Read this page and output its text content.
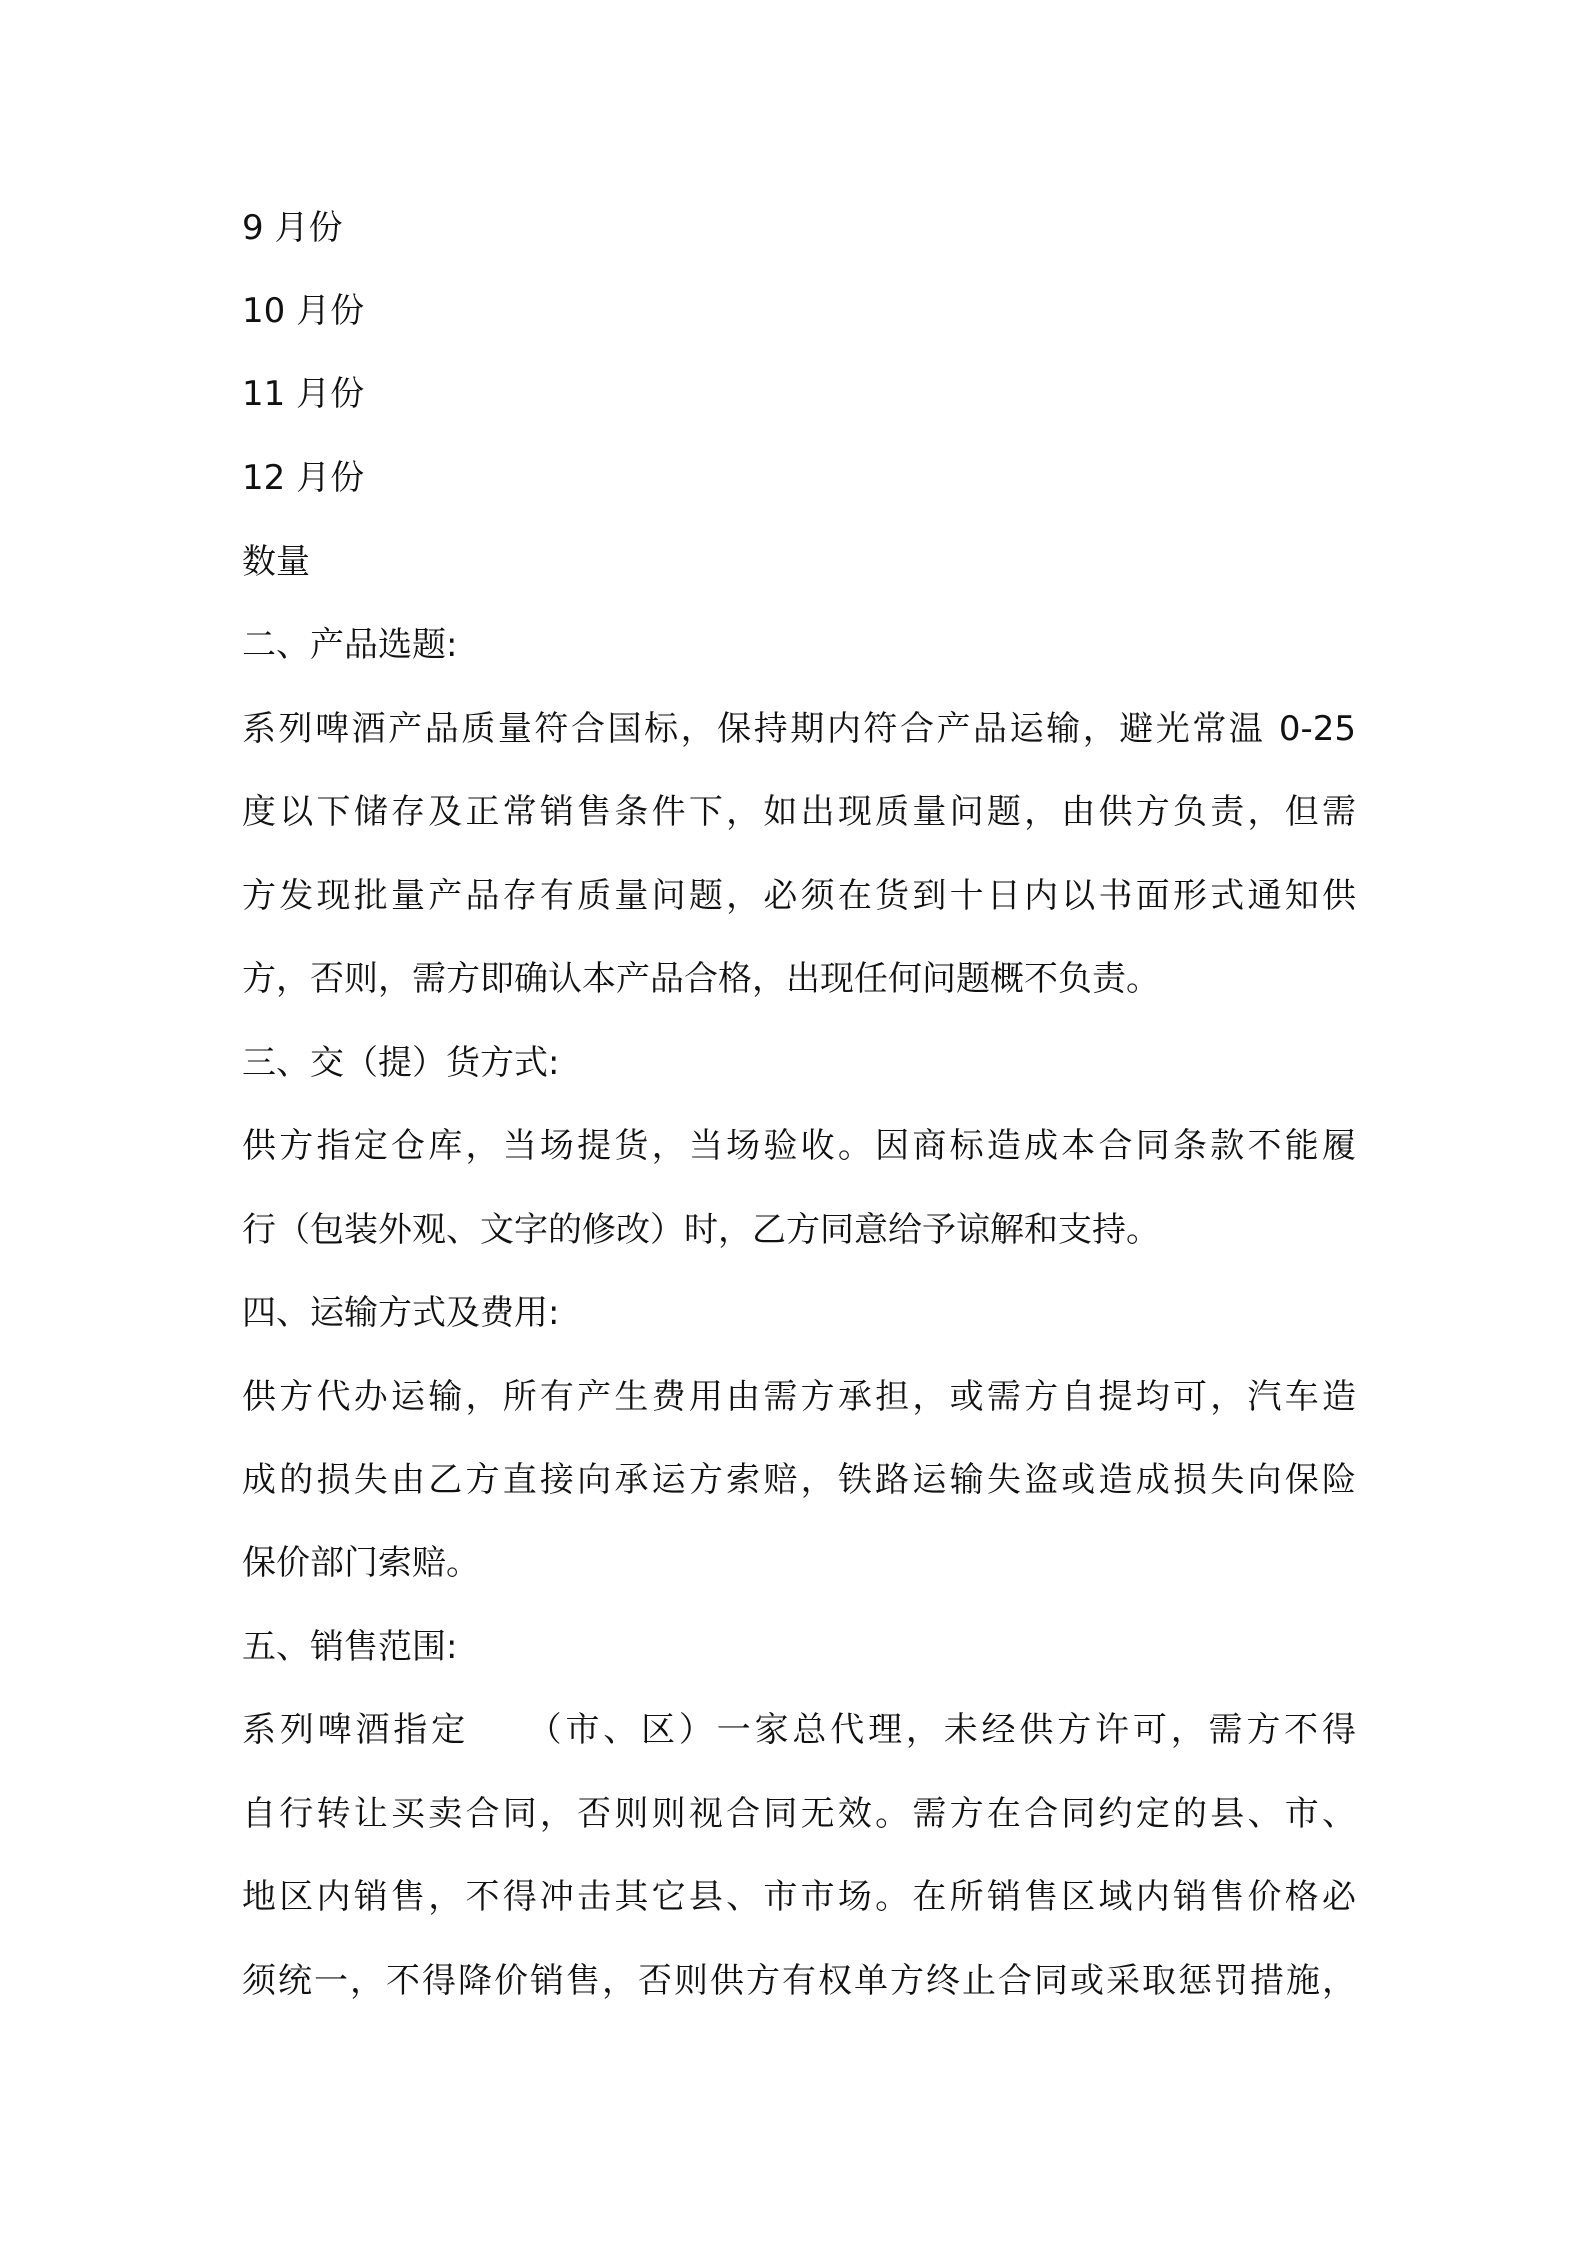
9 月份

10 月份

11 月份

12 月份

数量

二、产品选题:

系列啤酒产品质量符合国标，保持期内符合产品运输，避光常温 0-25

度以下储存及正常销售条件下，如出现质量问题，由供方负责，但需

方发现批量产品存有质量问题，必须在货到十日内以书面形式通知供

方，否则，需方即确认本产品合格，出现任何问题概不负责。

三、交（提）货方式:

供方指定仓库，当场提货，当场验收。因商标造成本合同条款不能履

行（包装外观、文字的修改）时，乙方同意给予谅解和支持。

四、运输方式及费用:

供方代办运输，所有产生费用由需方承担，或需方自提均可，汽车造

成的损失由乙方直接向承运方索赔，铁路运输失盗或造成损失向保险

保价部门索赔。

五、销售范围:

系列啤酒指定　　（市、区）一家总代理，未经供方许可，需方不得

自行转让买卖合同，否则则视合同无效。需方在合同约定的县、市、

地区内销售，不得冲击其它县、市市场。在所销售区域内销售价格必

须统一，不得降价销售，否则供方有权单方终止合同或采取惩罚措施，
